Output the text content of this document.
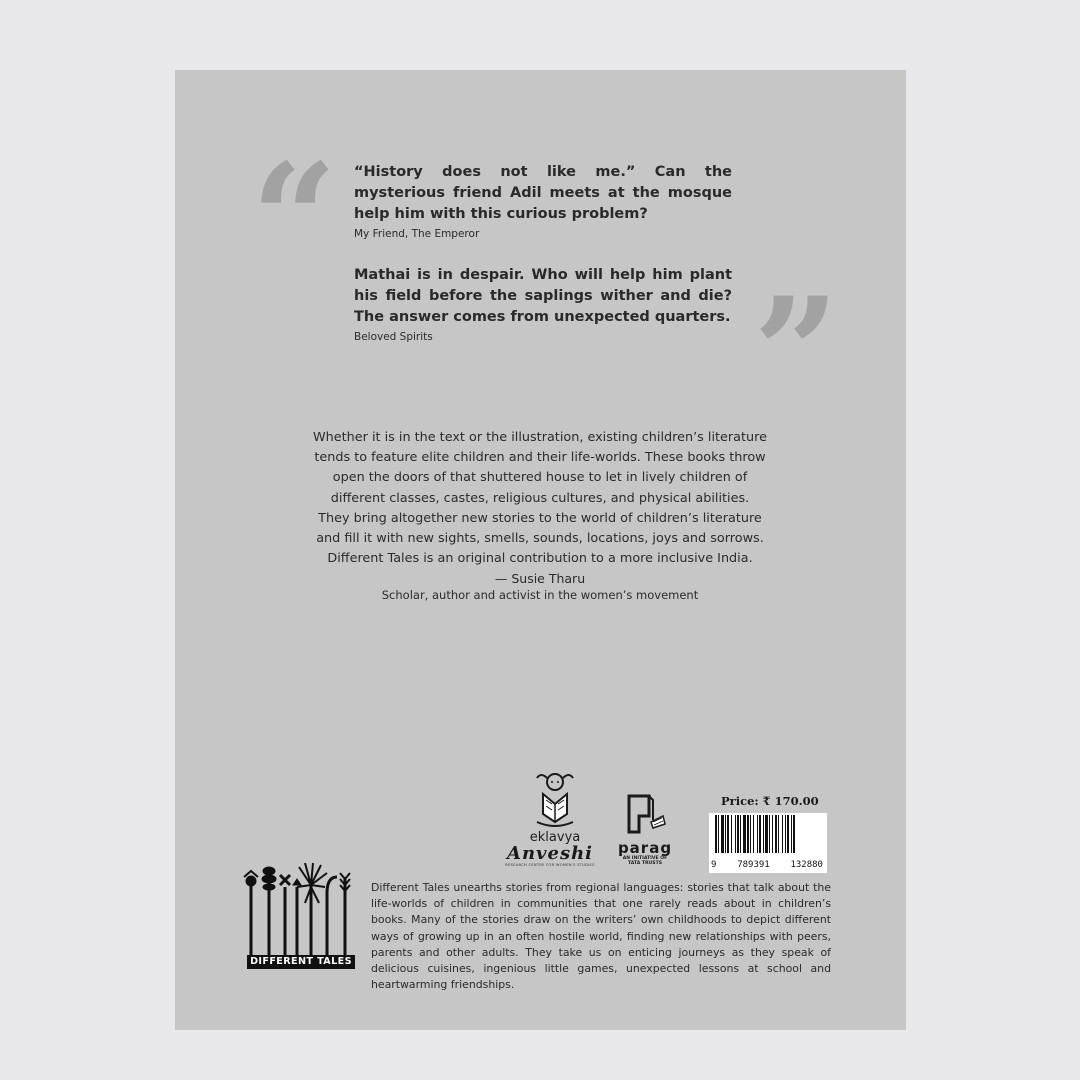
“
”

“History does not like me.” Can the mysterious friend Adil meets at the mosque help him with this curious problem?

My Friend, The Emperor

Mathai is in despair. Who will help him plant his field before the saplings wither and die? The answer comes from unexpected quarters.

Beloved Spirits

Whether it is in the text or the illustration, existing children’s literature tends to feature elite children and their life-worlds. These books throw open the doors of that shuttered house to let in lively children of different classes, castes, religious cultures, and physical abilities.

They bring altogether new stories to the world of children’s literature and fill it with new sights, smells, sounds, locations, joys and sorrows. Different Tales is an original contribution to a more inclusive India.

— Susie Tharu

Scholar, author and activist in the women’s movement

eklavya
Anveshi
RESEARCH CENTRE FOR WOMEN'S STUDIES
parag
AN INITIATIVE OF
TATA TRUSTS
Price: ₹ 170.00
9 789391 132880
DIFFERENT TALES

Different Tales unearths stories from regional languages: stories that talk about the life-worlds of children in communities that one rarely reads about in children’s books. Many of the stories draw on the writers’ own childhoods to depict different ways of growing up in an often hostile world, finding new relationships with peers, parents and other adults. They take us on enticing journeys as they speak of delicious cuisines, ingenious little games, unexpected lessons at school and heartwarming friendships.
